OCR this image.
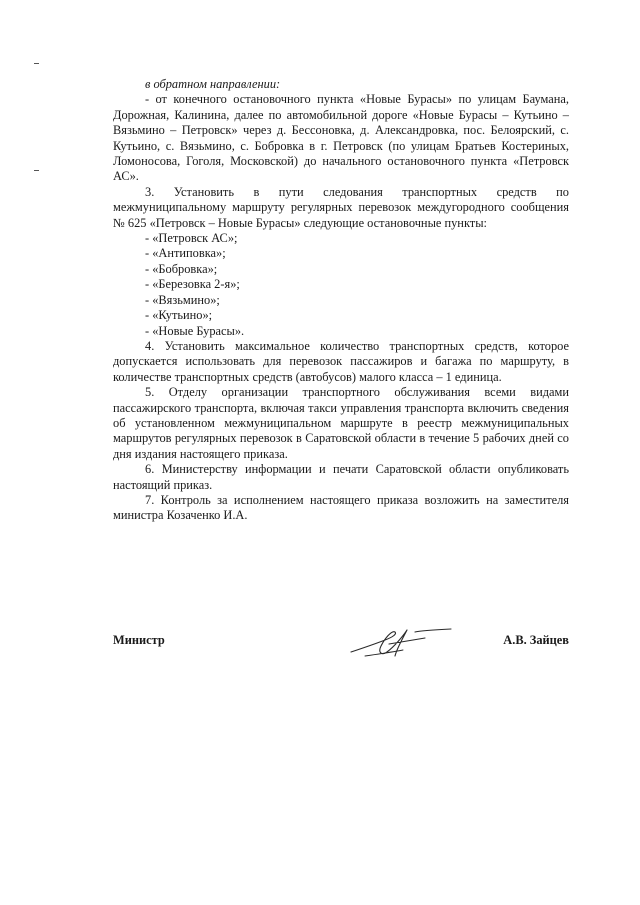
в обратном направлении:

- от конечного остановочного пункта «Новые Бурасы» по улицам Баумана, Дорожная, Калинина, далее по автомобильной дороге «Новые Бурасы – Кутьино – Вязьмино – Петровск» через д. Бессоновка, д. Александровка, пос. Белоярский, с. Кутьино, с. Вязьмино, с. Бобровка в г. Петровск (по улицам Братьев Костериных, Ломоносова, Гоголя, Московской) до начального остановочного пункта «Петровск АС».

3. Установить в пути следования транспортных средств по межмуниципальному маршруту регулярных перевозок междугородного сообщения № 625 «Петровск – Новые Бурасы» следующие остановочные пункты:

- «Петровск АС»;

- «Антиповка»;

- «Бобровка»;

- «Березовка 2-я»;

- «Вязьмино»;

- «Кутьино»;

- «Новые Бурасы».

4. Установить максимальное количество транспортных средств, которое допускается использовать для перевозок пассажиров и багажа по маршруту, в количестве транспортных средств (автобусов) малого класса – 1 единица.

5. Отделу организации транспортного обслуживания всеми видами пассажирского транспорта, включая такси управления транспорта включить сведения об установленном межмуниципальном маршруте в реестр межмуниципальных маршрутов регулярных перевозок в Саратовской области в течение 5 рабочих дней со дня издания настоящего приказа.

6. Министерству информации и печати Саратовской области опубликовать настоящий приказ.

7. Контроль за исполнением настоящего приказа возложить на заместителя министра Козаченко И.А.

Министр	А.В. Зайцев
